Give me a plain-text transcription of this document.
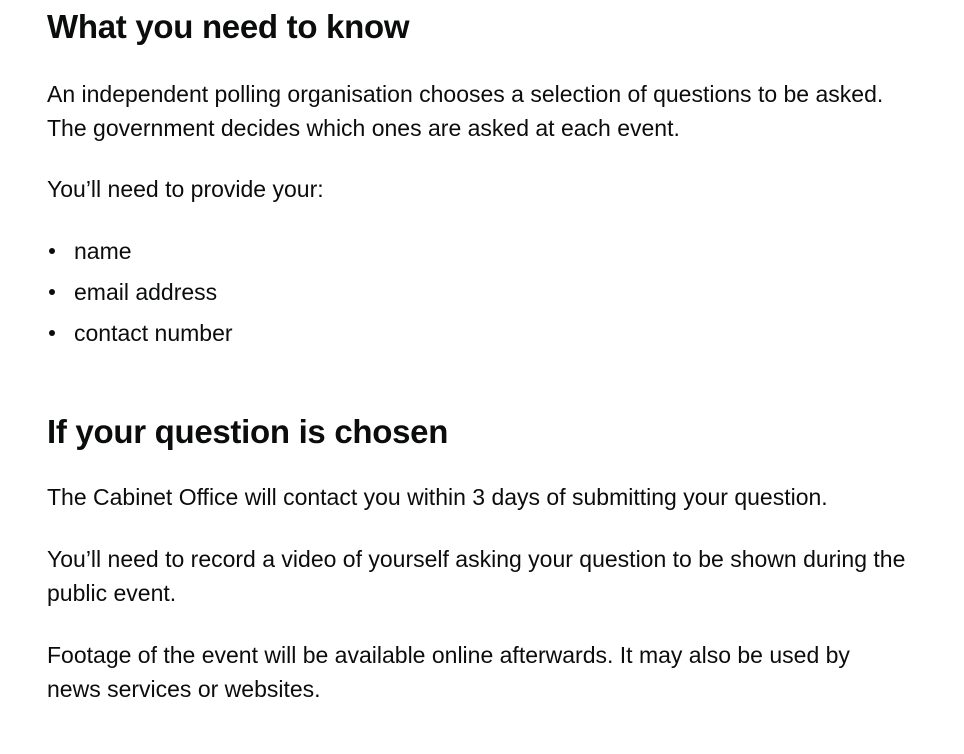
What you need to know

An independent polling organisation chooses a selection of questions to be asked. The government decides which ones are asked at each event.

You’ll need to provide your:

name
email address
contact number
If your question is chosen

The Cabinet Office will contact you within 3 days of submitting your question.

You’ll need to record a video of yourself asking your question to be shown during the public event.

Footage of the event will be available online afterwards. It may also be used by news services or websites.
